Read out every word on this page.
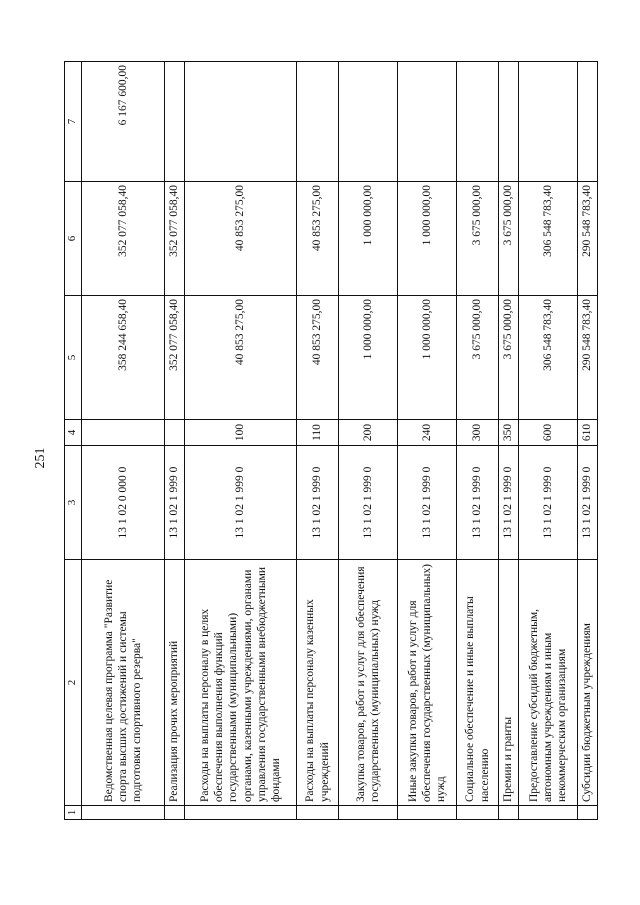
251
1	2	3	4	5	6	7
	Ведомственная целевая программа "Развитие спорта высших достижений и системы подготовки спортивного резерва"	13 1 02 0 000 0		358 244 658,40	352 077 058,40	6 167 600,00
	Реализация прочих мероприятий	13 1 02 1 999 0		352 077 058,40	352 077 058,40	
	Расходы на выплаты персоналу в целях обеспечения выполнения функций государственными (муниципальными) органами, казенными учреждениями, органами управления государственными внебюджетными фондами	13 1 02 1 999 0	100	40 853 275,00	40 853 275,00	
	Расходы на выплаты персоналу казенных учреждений	13 1 02 1 999 0	110	40 853 275,00	40 853 275,00	
	Закупка товаров, работ и услуг для обеспечения государственных (муниципальных) нужд	13 1 02 1 999 0	200	1 000 000,00	1 000 000,00	
	Иные закупки товаров, работ и услуг для обеспечения государственных (муниципальных) нужд	13 1 02 1 999 0	240	1 000 000,00	1 000 000,00	
	Социальное обеспечение и иные выплаты населению	13 1 02 1 999 0	300	3 675 000,00	3 675 000,00	
	Премии и гранты	13 1 02 1 999 0	350	3 675 000,00	3 675 000,00	
	Предоставление субсидий бюджетным, автономным учреждениям и иным некоммерческим организациям	13 1 02 1 999 0	600	306 548 783,40	306 548 783,40	
	Субсидии бюджетным учреждениям	13 1 02 1 999 0	610	290 548 783,40	290 548 783,40	
